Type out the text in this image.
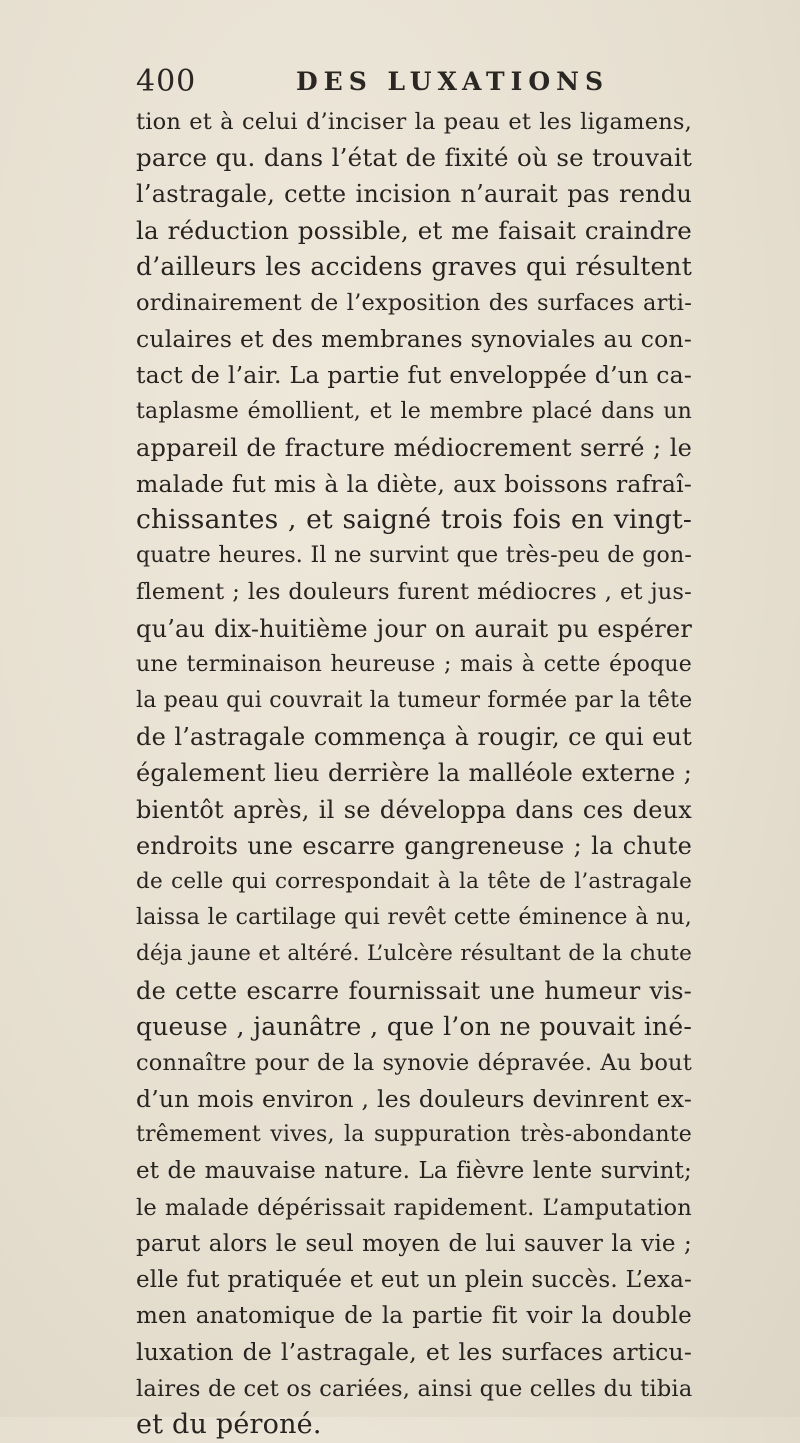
400	DES LUXATIONS
tion et à celui d’inciser la peau et les ligamens,
parce qu. dans l’état de fixité où se trouvait
l’astragale, cette incision n’aurait pas rendu
la réduction possible, et me faisait craindre
d’ailleurs les accidens graves qui résultent
ordinairement de l’exposition des surfaces arti-
culaires et des membranes synoviales au con-
tact de l’air. La partie fut enveloppée d’un ca-
taplasme émollient, et le membre placé dans un
appareil de fracture médiocrement serré ; le
malade fut mis à la diète, aux boissons rafraî-
chissantes , et saigné trois fois en vingt-
quatre heures. Il ne survint que très-peu de gon-
flement ; les douleurs furent médiocres , et jus-
qu’au dix-huitième jour on aurait pu espérer
une terminaison heureuse ; mais à cette époque
la peau qui couvrait la tumeur formée par la tête
de l’astragale commença à rougir, ce qui eut
également lieu derrière la malléole externe ;
bientôt après, il se développa dans ces deux
endroits une escarre gangreneuse ; la chute
de celle qui correspondait à la tête de l’astragale
laissa le cartilage qui revêt cette éminence à nu,
déja jaune et altéré. L’ulcère résultant de la chute
de cette escarre fournissait une humeur vis-
queuse , jaunâtre , que l’on ne pouvait iné-
connaître pour de la synovie dépravée. Au bout
d’un mois environ , les douleurs devinrent ex-
trêmement vives, la suppuration très-abondante
et de mauvaise nature. La fièvre lente survint;
le malade dépérissait rapidement. L’amputation
parut alors le seul moyen de lui sauver la vie ;
elle fut pratiquée et eut un plein succès. L’exa-
men anatomique de la partie fit voir la double
luxation de l’astragale, et les surfaces articu-
laires de cet os cariées, ainsi que celles du tibia
et du péroné.
